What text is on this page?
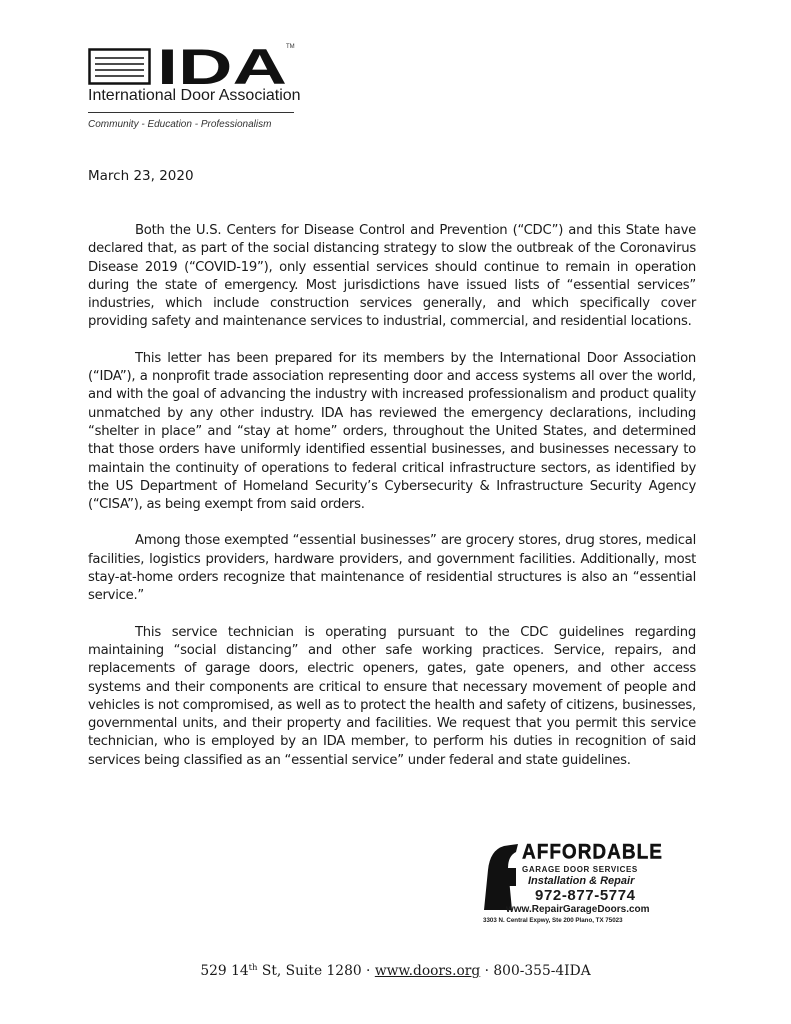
IDA TM
International Door Association
Community - Education - Professionalism
March 23, 2020

Both the U.S. Centers for Disease Control and Prevention (“CDC”) and this State have declared that, as part of the social distancing strategy to slow the outbreak of the Coronavirus Disease 2019 (“COVID-19”), only essential services should continue to remain in operation during the state of emergency. Most jurisdictions have issued lists of “essential services” industries, which include construction services generally, and which specifically cover providing safety and maintenance services to industrial, commercial, and residential locations.

This letter has been prepared for its members by the International Door Association (“IDA”), a nonprofit trade association representing door and access systems all over the world, and with the goal of advancing the industry with increased professionalism and product quality unmatched by any other industry. IDA has reviewed the emergency declarations, including “shelter in place” and “stay at home” orders, throughout the United States, and determined that those orders have uniformly identified essential businesses, and businesses necessary to maintain the continuity of operations to federal critical infrastructure sectors, as identified by the US Department of Homeland Security’s Cybersecurity & Infrastructure Security Agency (“CISA”), as being exempt from said orders.

Among those exempted “essential businesses” are grocery stores, drug stores, medical facilities, logistics providers, hardware providers, and government facilities. Additionally, most stay-at-home orders recognize that maintenance of residential structures is also an “essential service.”

This service technician is operating pursuant to the CDC guidelines regarding maintaining “social distancing” and other safe working practices. Service, repairs, and replacements of garage doors, electric openers, gates, gate openers, and other access systems and their components are critical to ensure that necessary movement of people and vehicles is not compromised, as well as to protect the health and safety of citizens, businesses, governmental units, and their property and facilities. We request that you permit this service technician, who is employed by an IDA member, to perform his duties in recognition of said services being classified as an “essential service” under federal and state guidelines.

AFFORDABLE
GARAGE DOOR SERVICES
Installation & Repair
972-877-5774
www.RepairGarageDoors.com
3303 N. Central Expwy, Ste 200 Plano, TX 75023
529 14th St, Suite 1280 · www.doors.org · 800-355-4IDA
